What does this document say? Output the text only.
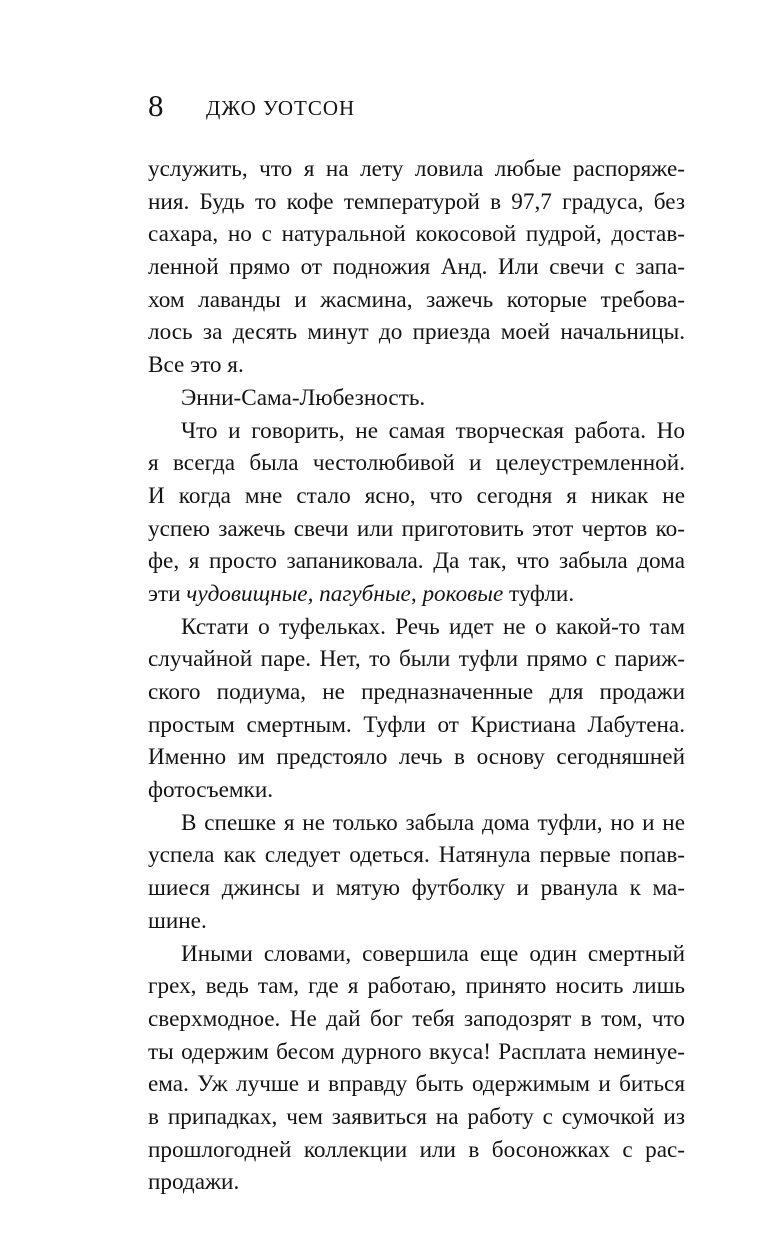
8 ДЖО УОТСОН
услужить, что я на лету ловила любые распоряже-
ния. Будь то кофе температурой в 97,7 градуса, без
сахара, но с натуральной кокосовой пудрой, достав-
ленной прямо от подножия Анд. Или свечи с запа-
хом лаванды и жасмина, зажечь которые требова-
лось за десять минут до приезда моей начальницы.
Все это я.
Энни-Сама-Любезность.
Что и говорить, не самая творческая работа. Но
я всегда была честолюбивой и целеустремленной.
И когда мне стало ясно, что сегодня я никак не
успею зажечь свечи или приготовить этот чертов ко-
фе, я просто запаниковала. Да так, что забыла дома
эти чудовищные, пагубные, роковые туфли.
Кстати о туфельках. Речь идет не о какой-то там
случайной паре. Нет, то были туфли прямо с париж-
ского подиума, не предназначенные для продажи
простым смертным. Туфли от Кристиана Лабутена.
Именно им предстояло лечь в основу сегодняшней
фотосъемки.
В спешке я не только забыла дома туфли, но и не
успела как следует одеться. Натянула первые попав-
шиеся джинсы и мятую футболку и рванула к ма-
шине.
Иными словами, совершила еще один смертный
грех, ведь там, где я работаю, принято носить лишь
сверхмодное. Не дай бог тебя заподозрят в том, что
ты одержим бесом дурного вкуса! Расплата неминуе-
ема. Уж лучше и вправду быть одержимым и биться
в припадках, чем заявиться на работу с сумочкой из
прошлогодней коллекции или в босоножках с рас-
продажи.
